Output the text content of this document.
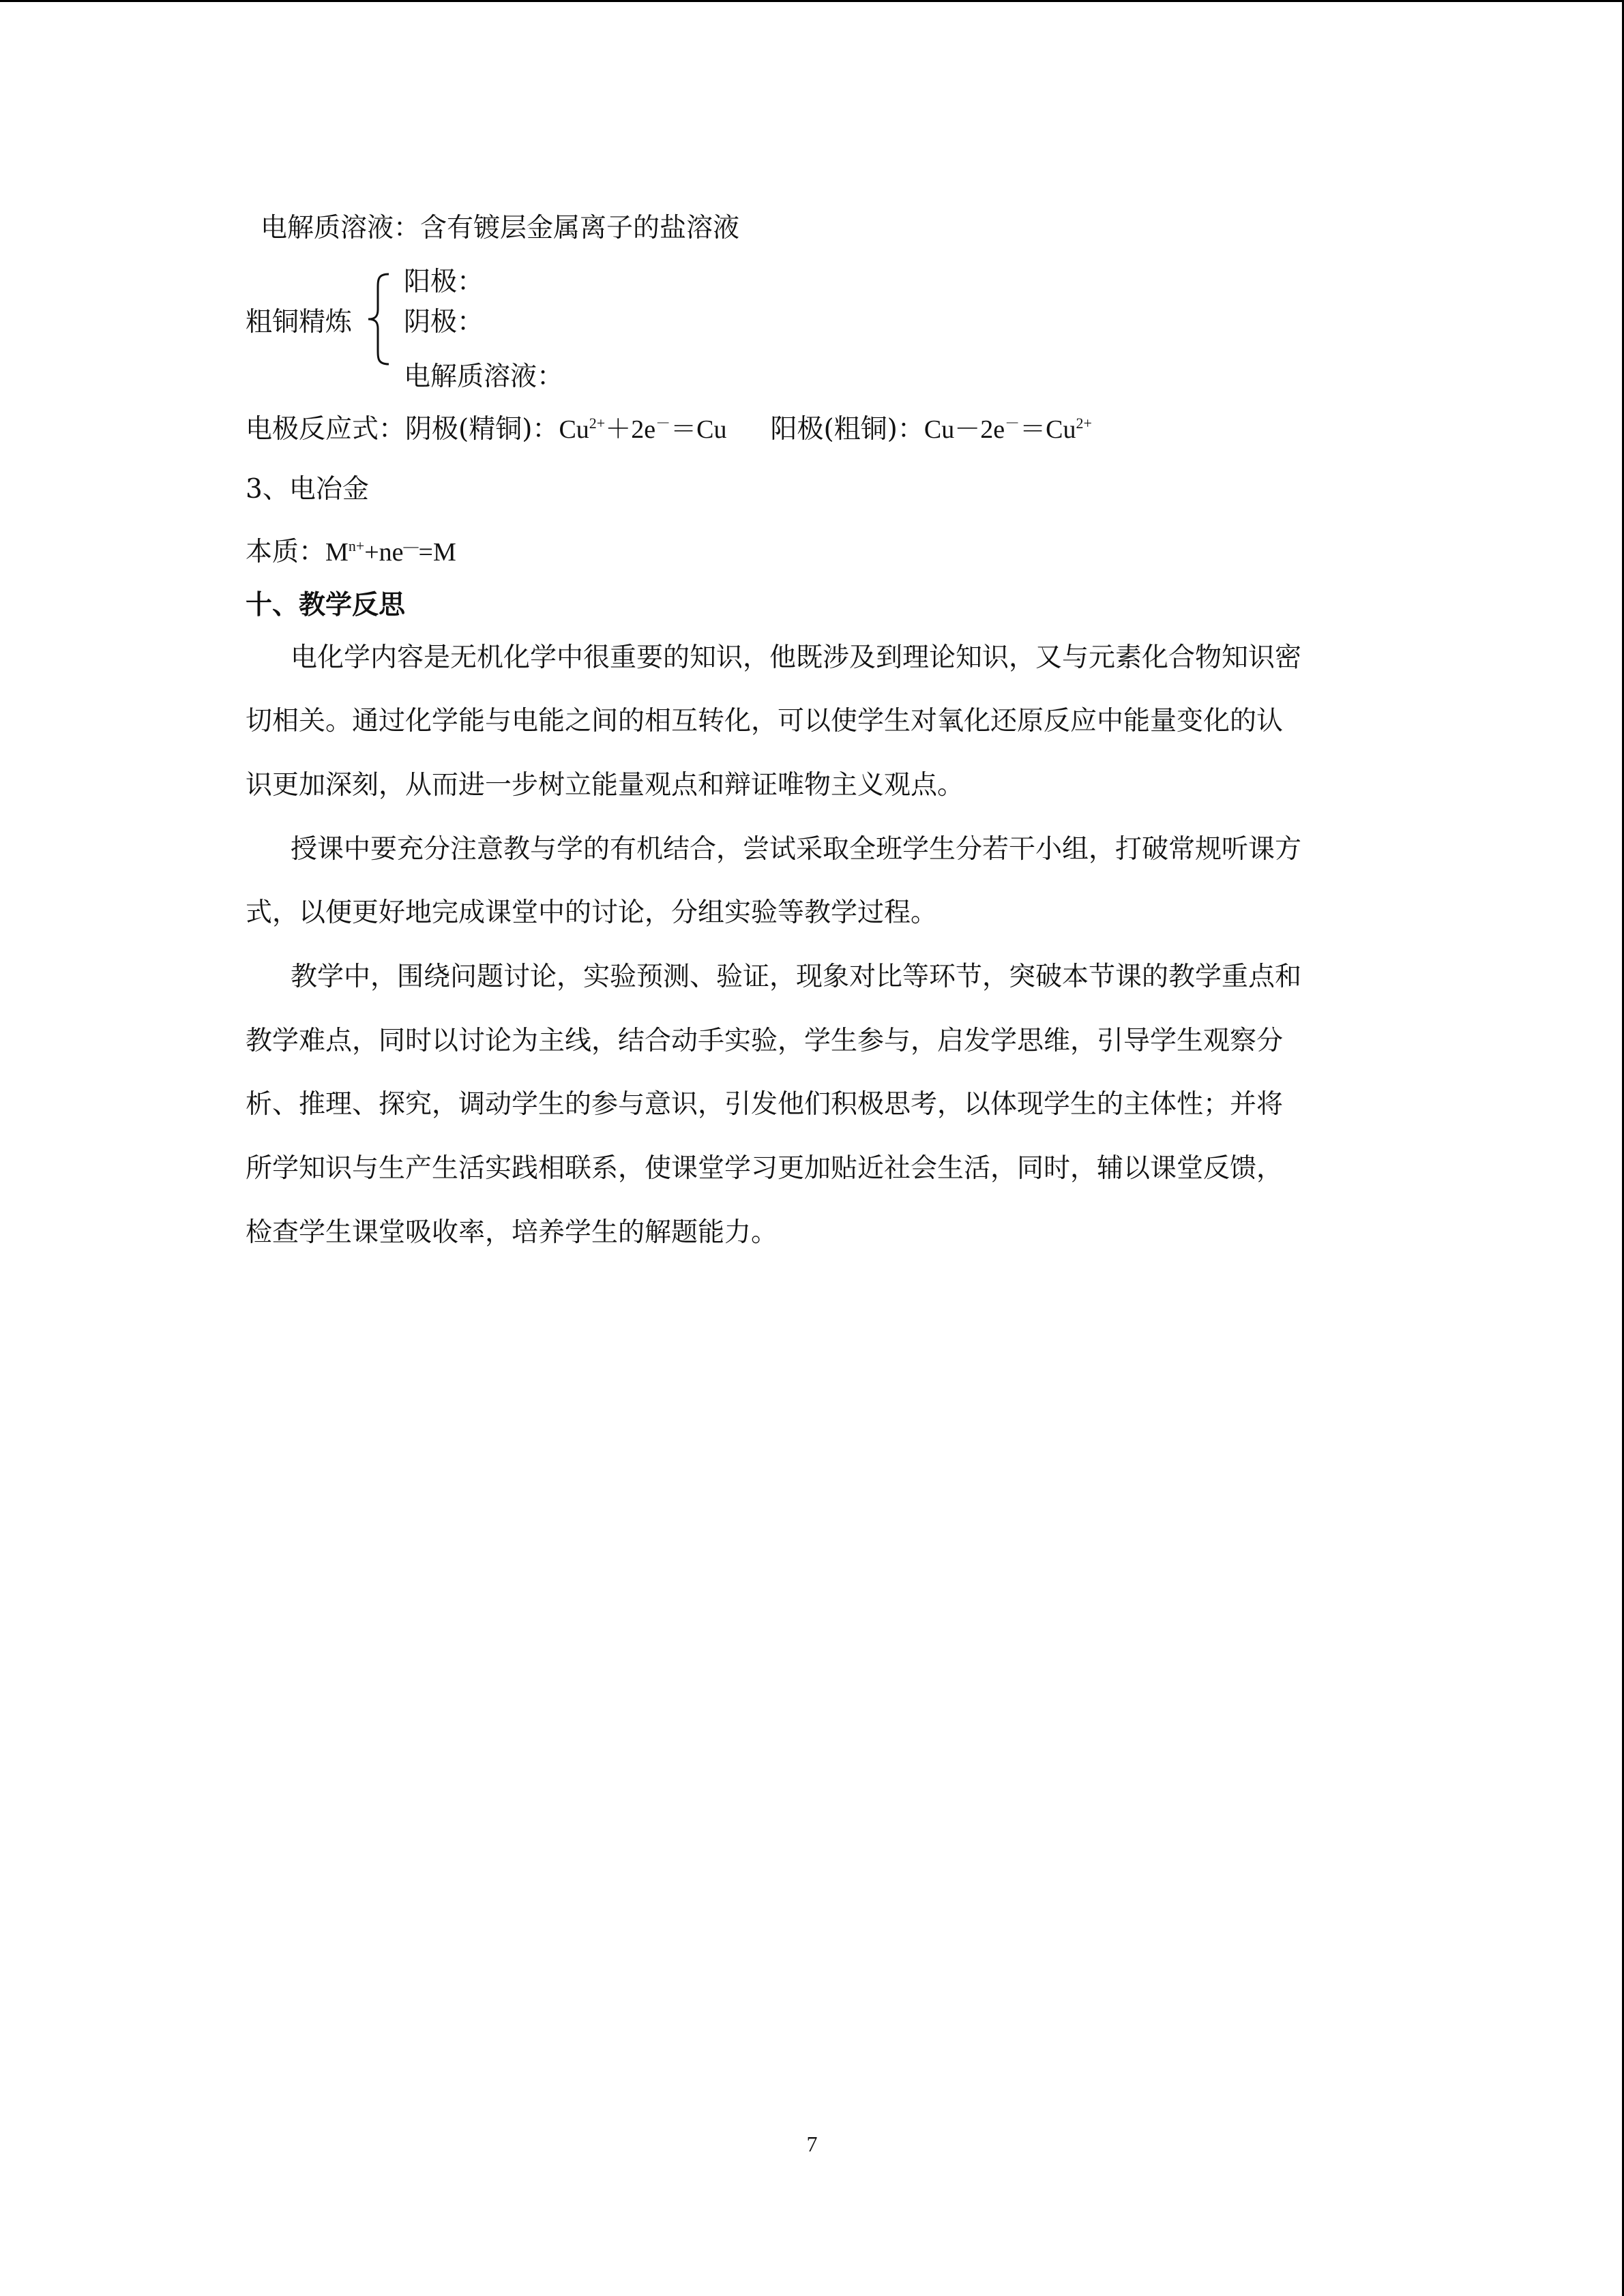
电解质溶液：含有镀层金属离子的盐溶液
粗铜精炼
阳极：
阴极：
电解质溶液：
电极反应式：阴极(精铜)：$Cu^{2+}+2e^-=Cu$ 阳极(粗铜)：$Cu-2e^-=Cu^{2+}$
3、电冶金
本质：$M^{n+}+ne^—=M$
十、教学反思
电化学内容是无机化学中很重要的知识，他既涉及到理论知识，又与元素化合物知识密
切相关。通过化学能与电能之间的相互转化，可以使学生对氧化还原反应中能量变化的认
识更加深刻，从而进一步树立能量观点和辩证唯物主义观点。
授课中要充分注意教与学的有机结合，尝试采取全班学生分若干小组，打破常规听课方
式，以便更好地完成课堂中的讨论，分组实验等教学过程。
教学中，围绕问题讨论，实验预测、验证，现象对比等环节，突破本节课的教学重点和
教学难点，同时以讨论为主线，结合动手实验，学生参与，启发学思维，引导学生观察分
析、推理、探究，调动学生的参与意识，引发他们积极思考，以体现学生的主体性；并将
所学知识与生产生活实践相联系，使课堂学习更加贴近社会生活，同时，辅以课堂反馈，
检查学生课堂吸收率，培养学生的解题能力。
7
